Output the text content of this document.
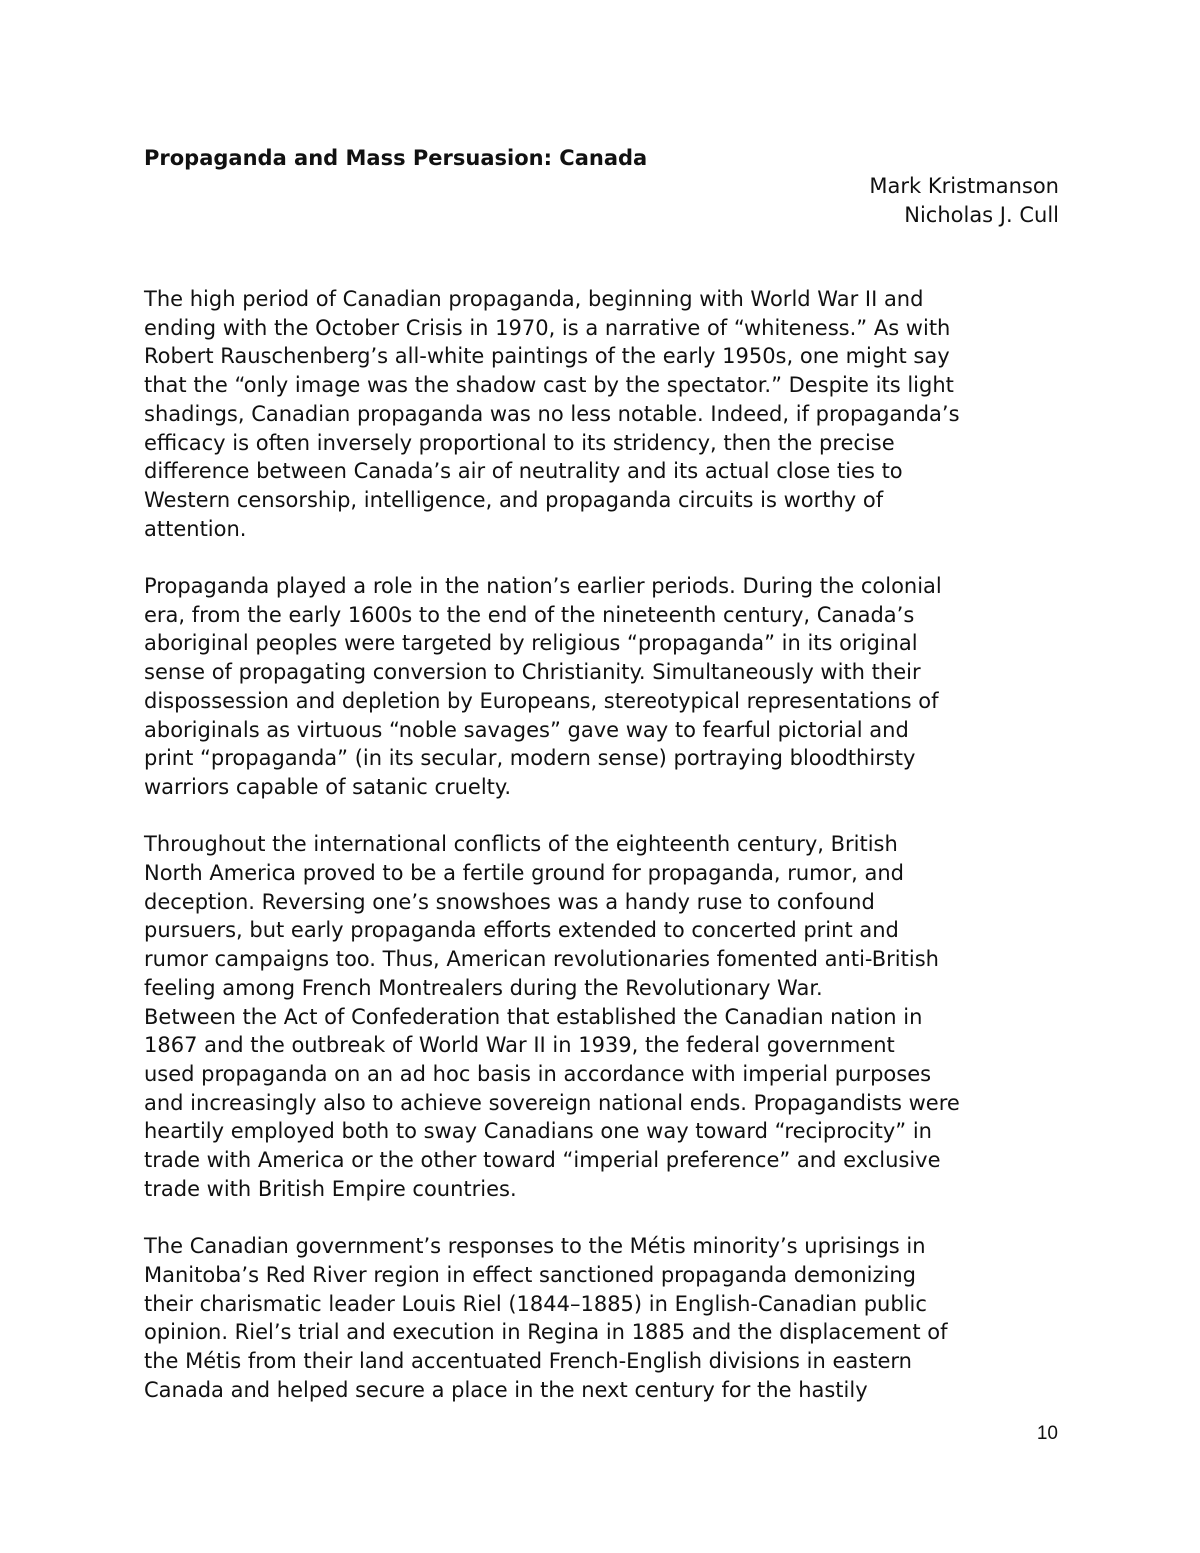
Propaganda and Mass Persuasion: Canada
Mark Kristmanson
Nicholas J. Cull

The high period of Canadian propaganda, beginning with World War II and
ending with the October Crisis in 1970, is a narrative of “whiteness.” As with
Robert Rauschenberg’s all-white paintings of the early 1950s, one might say
that the “only image was the shadow cast by the spectator.” Despite its light
shadings, Canadian propaganda was no less notable. Indeed, if propaganda’s
efficacy is often inversely proportional to its stridency, then the precise
difference between Canada’s air of neutrality and its actual close ties to
Western censorship, intelligence, and propaganda circuits is worthy of
attention.

Propaganda played a role in the nation’s earlier periods. During the colonial
era, from the early 1600s to the end of the nineteenth century, Canada’s
aboriginal peoples were targeted by religious “propaganda” in its original
sense of propagating conversion to Christianity. Simultaneously with their
dispossession and depletion by Europeans, stereotypical representations of
aboriginals as virtuous “noble savages” gave way to fearful pictorial and
print “propaganda” (in its secular, modern sense) portraying bloodthirsty
warriors capable of satanic cruelty.

Throughout the international conflicts of the eighteenth century, British
North America proved to be a fertile ground for propaganda, rumor, and
deception. Reversing one’s snowshoes was a handy ruse to confound
pursuers, but early propaganda efforts extended to concerted print and
rumor campaigns too. Thus, American revolutionaries fomented anti-British
feeling among French Montrealers during the Revolutionary War.

Between the Act of Confederation that established the Canadian nation in
1867 and the outbreak of World War II in 1939, the federal government
used propaganda on an ad hoc basis in accordance with imperial purposes
and increasingly also to achieve sovereign national ends. Propagandists were
heartily employed both to sway Canadians one way toward “reciprocity” in
trade with America or the other toward “imperial preference” and exclusive
trade with British Empire countries.

The Canadian government’s responses to the Métis minority’s uprisings in
Manitoba’s Red River region in effect sanctioned propaganda demonizing
their charismatic leader Louis Riel (1844–1885) in English-Canadian public
opinion. Riel’s trial and execution in Regina in 1885 and the displacement of
the Métis from their land accentuated French-English divisions in eastern
Canada and helped secure a place in the next century for the hastily

10
